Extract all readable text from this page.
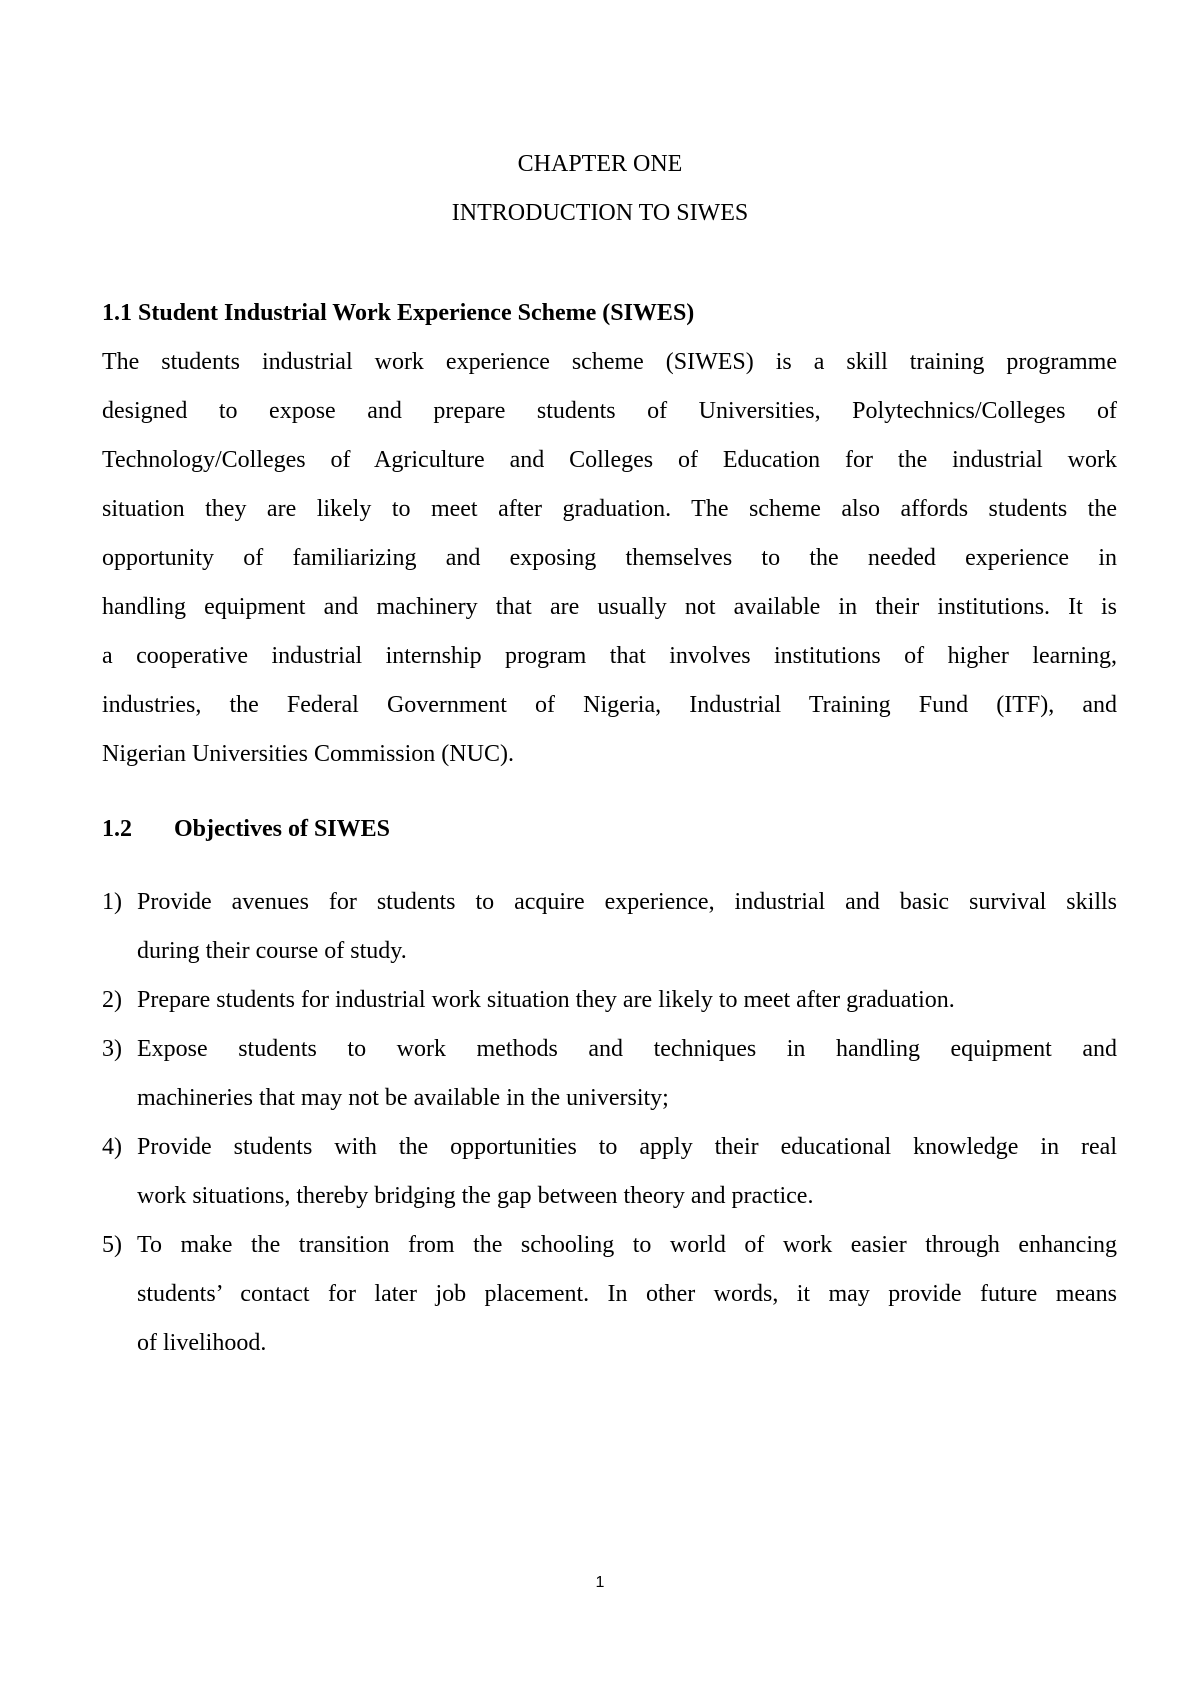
CHAPTER ONE
INTRODUCTION TO SIWES
1.1 Student Industrial Work Experience Scheme (SIWES)
The students industrial work experience scheme (SIWES) is a skill training programme
designed to expose and prepare students of Universities, Polytechnics/Colleges of
Technology/Colleges of Agriculture and Colleges of Education for the industrial work
situation they are likely to meet after graduation. The scheme also affords students the
opportunity of familiarizing and exposing themselves to the needed experience in
handling equipment and machinery that are usually not available in their institutions. It is
a cooperative industrial internship program that involves institutions of higher learning,
industries, the Federal Government of Nigeria, Industrial Training Fund (ITF), and
Nigerian Universities Commission (NUC).
1.2 Objectives of SIWES
1) Provide avenues for students to acquire experience, industrial and basic survival skills
during their course of study.
2) Prepare students for industrial work situation they are likely to meet after graduation.
3) Expose students to work methods and techniques in handling equipment and
machineries that may not be available in the university;
4) Provide students with the opportunities to apply their educational knowledge in real
work situations, thereby bridging the gap between theory and practice.
5) To make the transition from the schooling to world of work easier through enhancing
students’ contact for later job placement. In other words, it may provide future means
of livelihood.
1
